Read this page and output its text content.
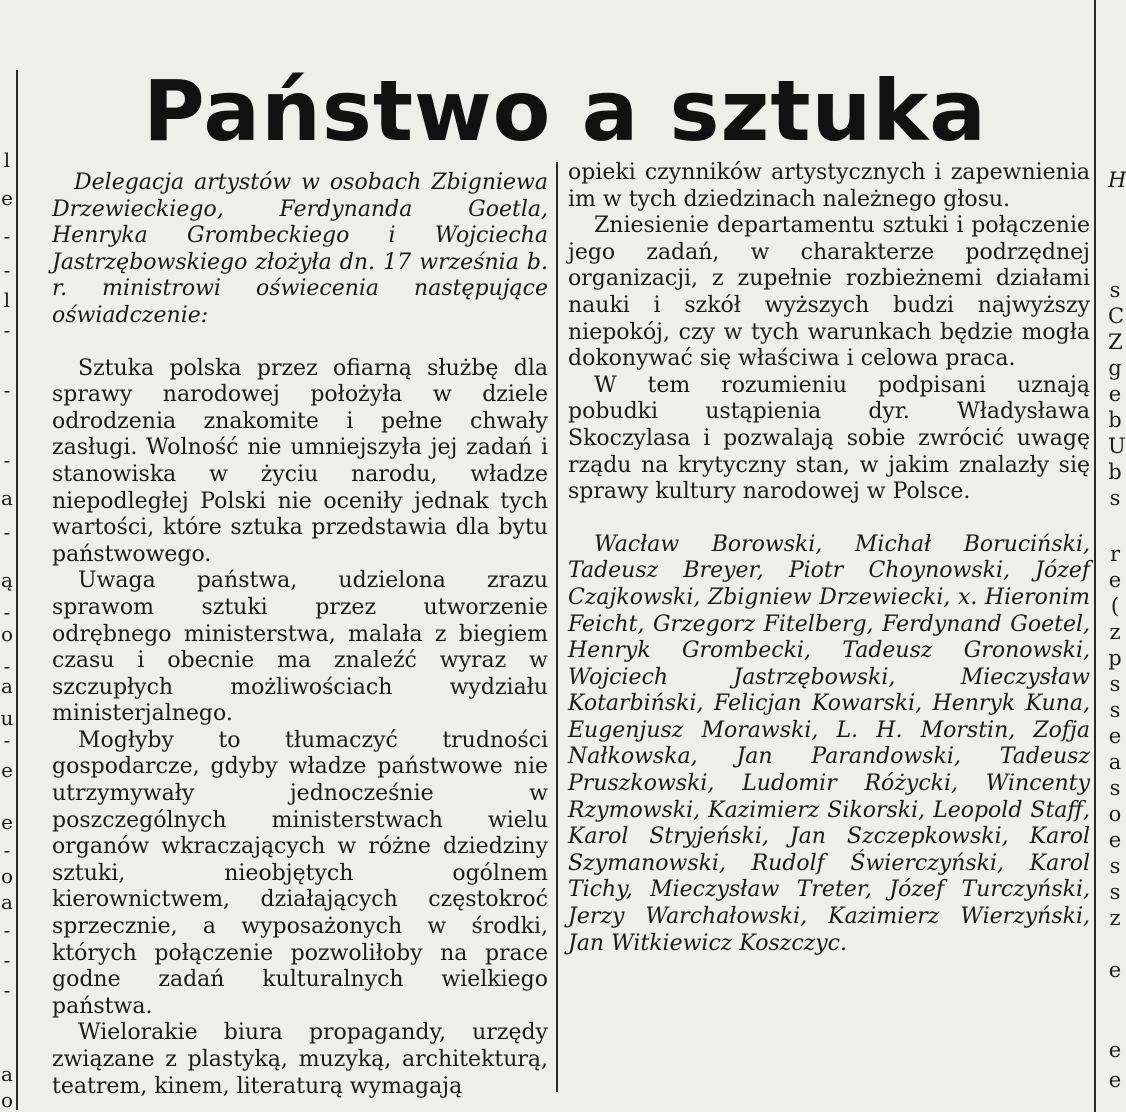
l
e
-
-
l
-
-
-
a
-
ą
-
o
-
a
u
-
e
e
-
o
a
-
-
-
a
o
Państwo a sztuka

Delegacja artystów w osobach Zbigniewa Drzewieckiego, Ferdynanda Goetla, Henryka Grombeckiego i Wojciecha Jastrzębowskiego złożyła dn. 17 września b. r. ministrowi oświecenia następujące oświadczenie:

Sztuka polska przez ofiarną służbę dla sprawy narodowej położyła w dziele odrodzenia znakomite i pełne chwały zasługi. Wolność nie umniejszyła jej zadań i stanowiska w życiu narodu, władze niepodległej Polski nie oceniły jednak tych wartości, które sztuka przedstawia dla bytu państwowego.

Uwaga państwa, udzielona zrazu sprawom sztuki przez utworzenie odrębnego ministerstwa, malała z biegiem czasu i obecnie ma znaleźć wyraz w szczupłych możliwościach wydziału ministerjalnego.

Mogłyby to tłumaczyć trudności gospodarcze, gdyby władze państwowe nie utrzymywały jednocześnie w poszczególnych ministerstwach wielu organów wkraczających w różne dziedziny sztuki, nieobjętych ogólnem kierownictwem, działających częstokroć sprzecznie, a wyposażonych w środki, których połączenie pozwoliłoby na prace godne zadań kulturalnych wielkiego państwa.

Wielorakie biura propagandy, urzędy związane z plastyką, muzyką, architekturą, teatrem, kinem, literaturą wymagają

opieki czynników artystycznych i zapewnienia im w tych dziedzinach należnego głosu.

Zniesienie departamentu sztuki i połączenie jego zadań, w charakterze podrzędnej organizacji, z zupełnie rozbieżnemi działami nauki i szkół wyższych budzi najwyższy niepokój, czy w tych warunkach będzie mogła dokonywać się właściwa i celowa praca.

W tem rozumieniu podpisani uznają pobudki ustąpienia dyr. Władysława Skoczylasa i pozwalają sobie zwrócić uwagę rządu na krytyczny stan, w jakim znalazły się sprawy kultury narodowej w Polsce.

Wacław Borowski, Michał Boruciński, Tadeusz Breyer, Piotr Choynowski, Józef Czajkowski, Zbigniew Drzewiecki, x. Hieronim Feicht, Grzegorz Fitelberg, Ferdynand Goetel, Henryk Grombecki, Tadeusz Gronowski, Wojciech Jastrzębowski, Mieczysław Kotarbiński, Felicjan Kowarski, Henryk Kuna, Eugenjusz Morawski, L. H. Morstin, Zofja Nałkowska, Jan Parandowski, Tadeusz Pruszkowski, Ludomir Różycki, Wincenty Rzymowski, Kazimierz Sikorski, Leopold Staff, Karol Stryjeński, Jan Szczepkowski, Karol Szymanowski, Rudolf Świerczyński, Karol Tichy, Mieczysław Treter, Józef Turczyński, Jerzy Warchałowski, Kazimierz Wierzyński, Jan Witkiewicz Koszczyc.

H
s
C
Z
g
e
b
U
b
s
r
e
(
z
p
s
s
e
a
s
o
e
s
s
z
e
e
e
